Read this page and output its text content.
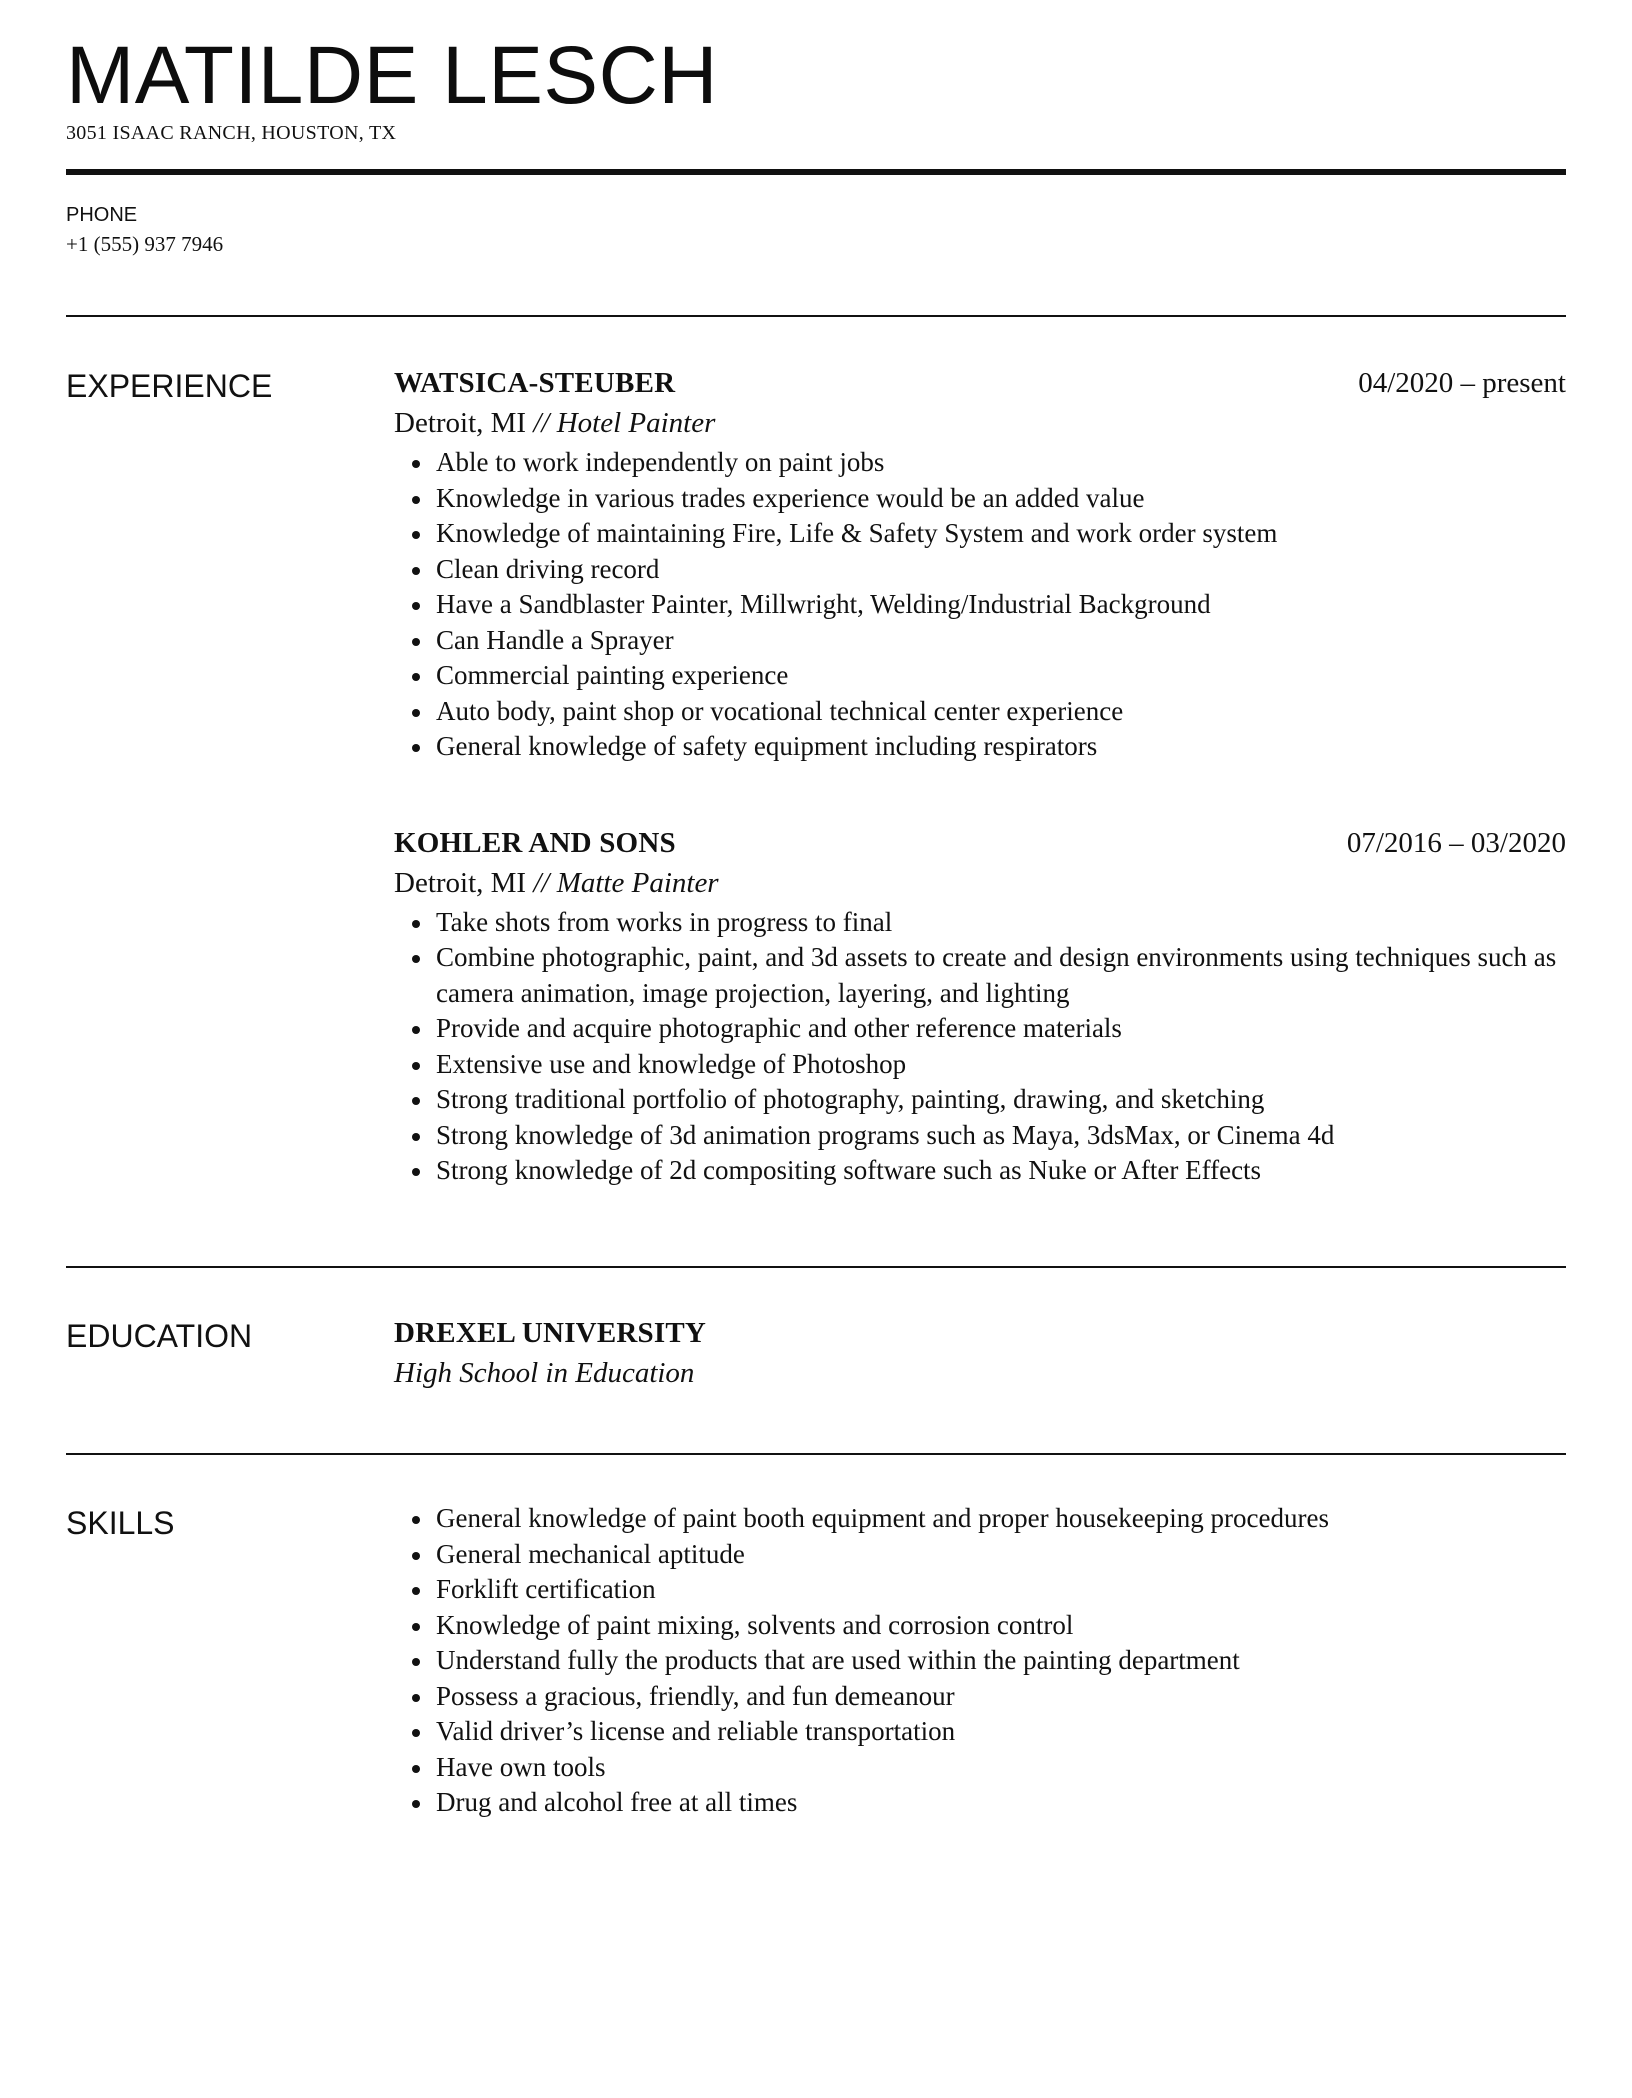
MATILDE LESCH
3051 ISAAC RANCH, HOUSTON, TX
PHONE
+1 (555) 937 7946
EXPERIENCE	WATSICA-STEUBER	04/2020 – present
Detroit, MI // Hotel Painter
Able to work independently on paint jobs
Knowledge in various trades experience would be an added value
Knowledge of maintaining Fire, Life & Safety System and work order system
Clean driving record
Have a Sandblaster Painter, Millwright, Welding/Industrial Background
Can Handle a Sprayer
Commercial painting experience
Auto body, paint shop or vocational technical center experience
General knowledge of safety equipment including respirators
KOHLER AND SONS	07/2016 – 03/2020
Detroit, MI // Matte Painter
Take shots from works in progress to final
Combine photographic, paint, and 3d assets to create and design environments using techniques such as camera animation, image projection, layering, and lighting
Provide and acquire photographic and other reference materials
Extensive use and knowledge of Photoshop
Strong traditional portfolio of photography, painting, drawing, and sketching
Strong knowledge of 3d animation programs such as Maya, 3dsMax, or Cinema 4d
Strong knowledge of 2d compositing software such as Nuke or After Effects
EDUCATION	DREXEL UNIVERSITY
High School in Education
SKILLS	General knowledge of paint booth equipment and proper housekeeping procedures
General mechanical aptitude
Forklift certification
Knowledge of paint mixing, solvents and corrosion control
Understand fully the products that are used within the painting department
Possess a gracious, friendly, and fun demeanour
Valid driver’s license and reliable transportation
Have own tools
Drug and alcohol free at all times
